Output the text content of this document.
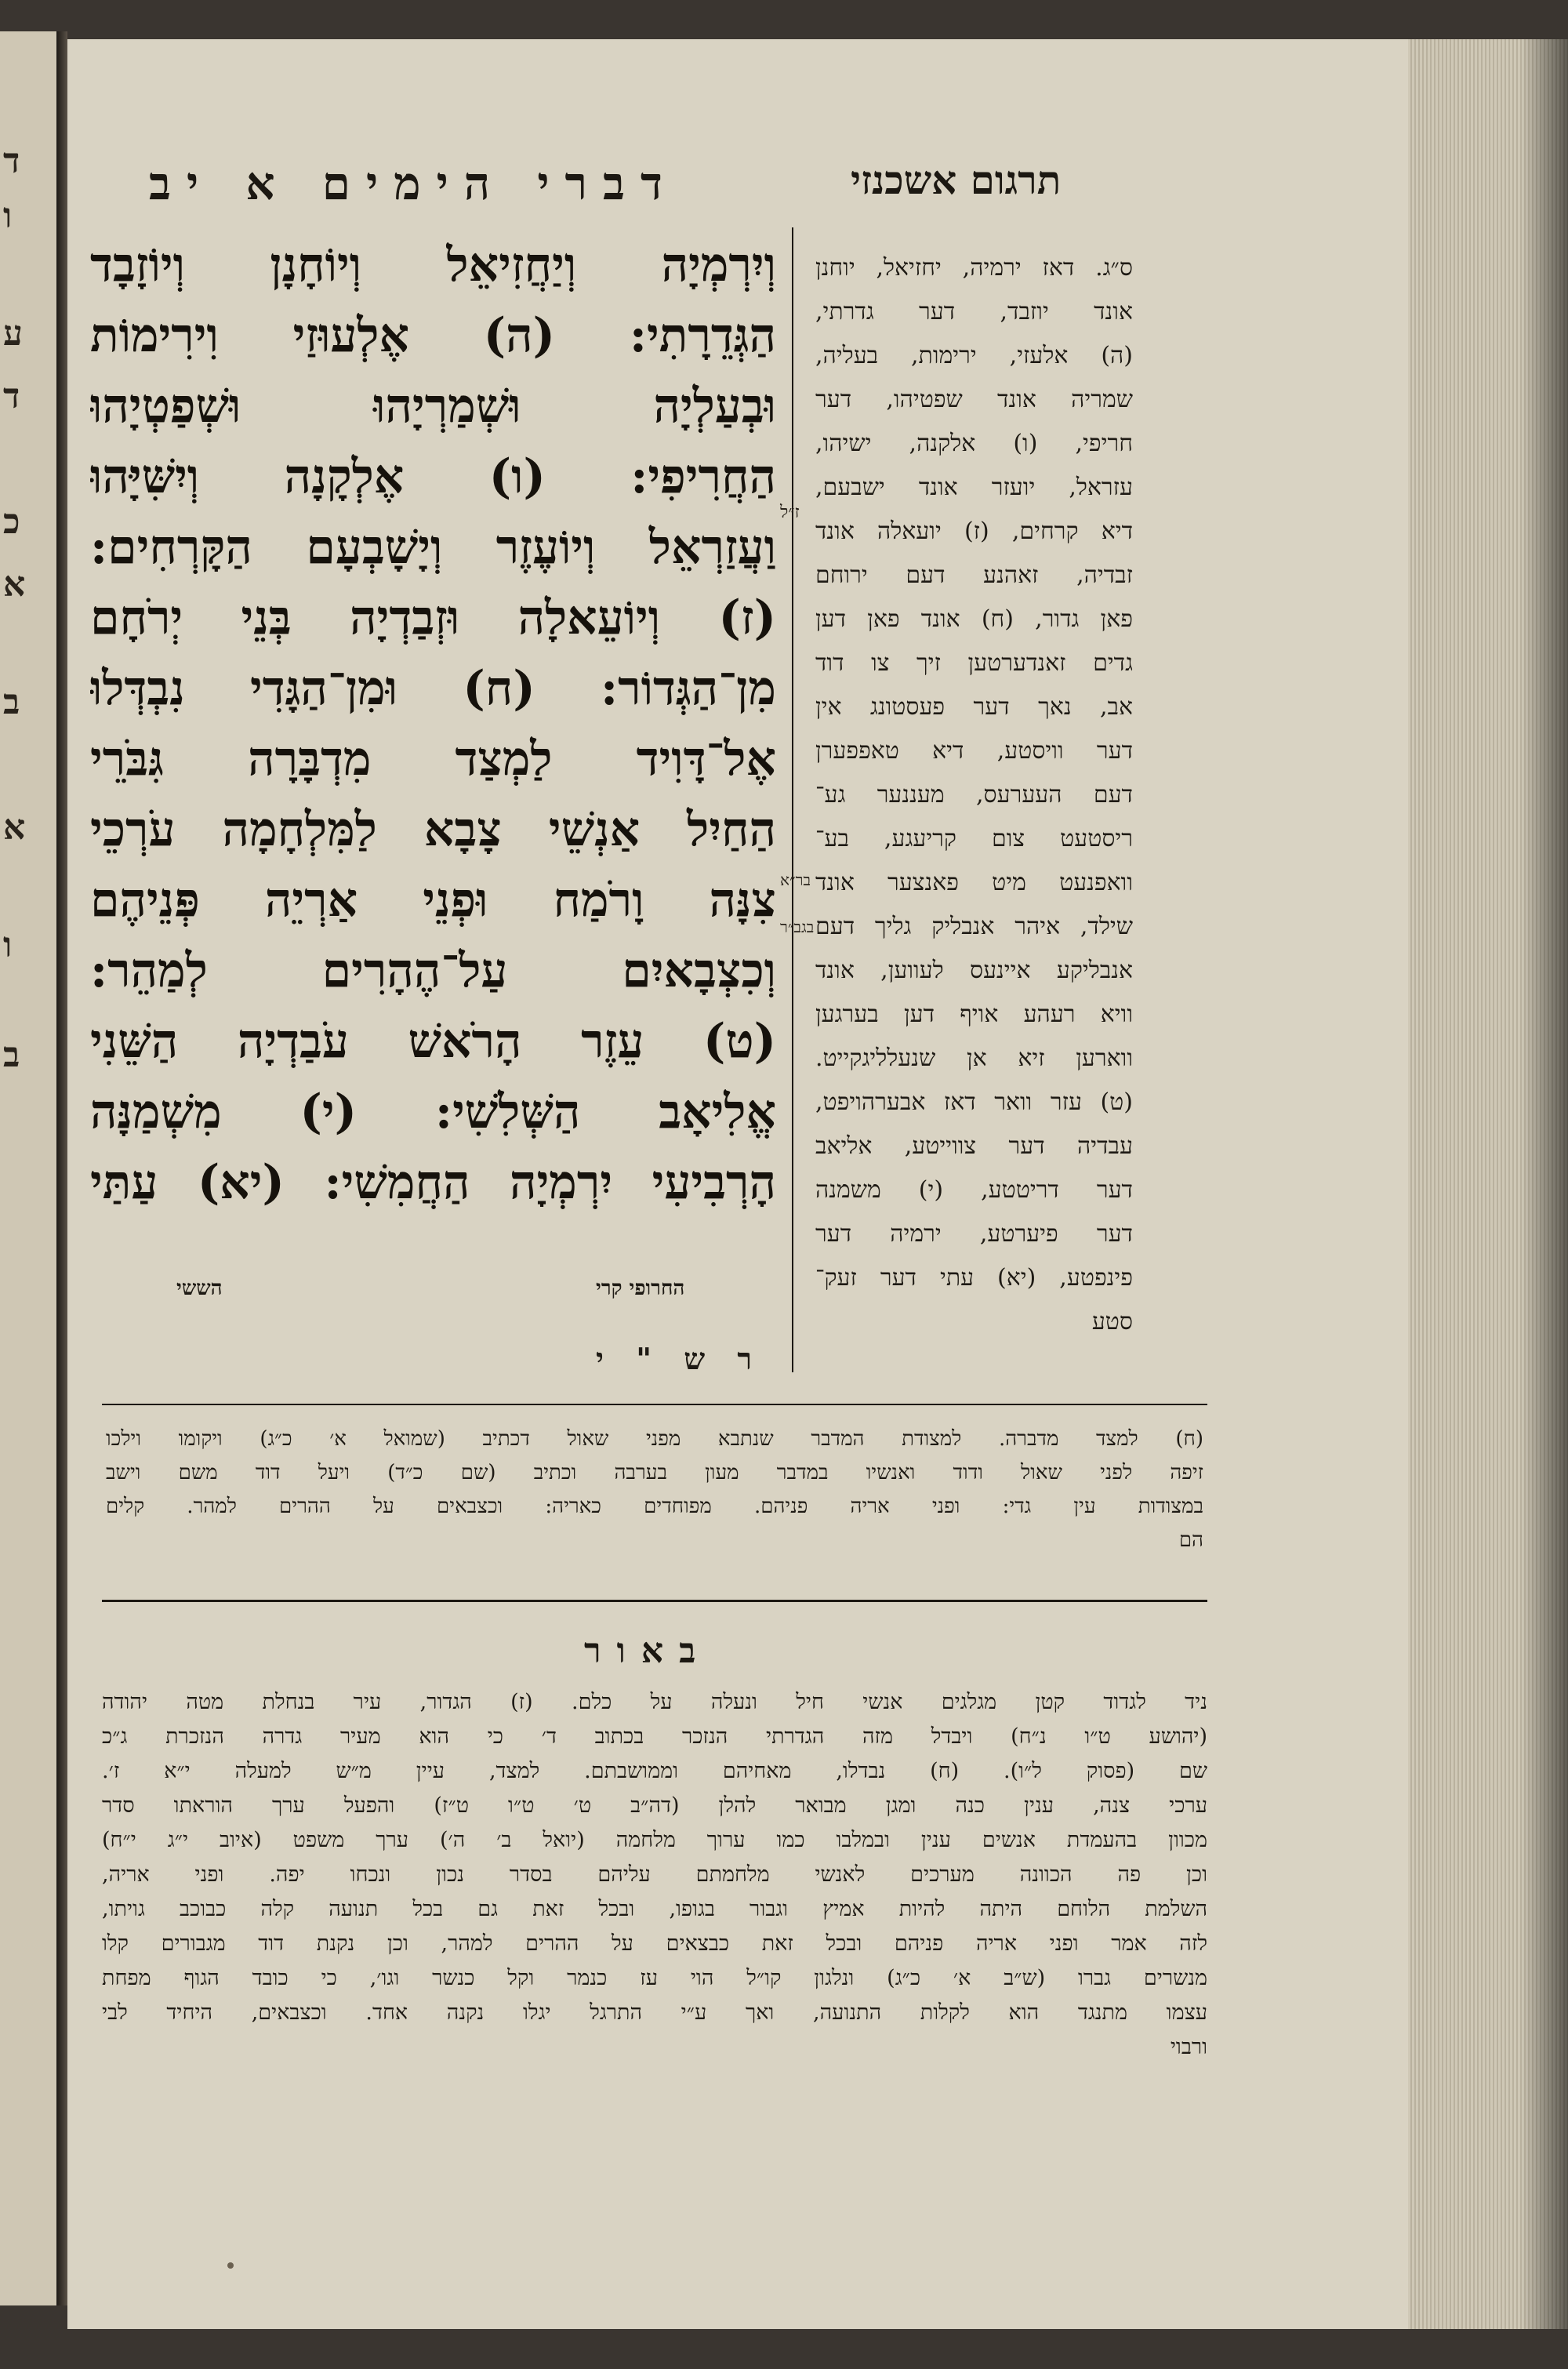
ד
ו
ע
ד
כ
א
ב
א
ו
ב
דברי הימים א יב	תרגום אשכנזי
וְיִרְמְיָה וְיַחֲזִיאֵל וְיוֹחָנָן וְיוֹזָבָד
הַגְּדֵרָתִי: (ה) אֶלְעוּזַי וִירִימוֹת
וּבְעַלְיָה וּשְׁמַרְיָהוּ וּשְׁפַטְיָהוּ
הַחֲרִיפִי: (ו) אֶלְקָנָה וְיִשִּׁיָּהוּ
וַעֲזַרְאֵל וְיוֹעֶזֶר וְיָשָׁבְעָם הַקָּרְחִים:
(ז) וְיוֹעֵאלָה וּזְבַדְיָה בְּנֵי יְרֹחָם
מִן־הַגְּדוֹר: (ח) וּמִן־הַגָּדִי נִבְדְּלוּ
אֶל־דָּוִיד לַמְצַד מִדְבָּרָה גִּבֹּרֵי
הַחַיִל אַנְשֵׁי צָבָא לַמִּלְחָמָה עֹרְכֵי
צִנָּה וָרֹמַח וּפְנֵי אַרְיֵה פְּנֵיהֶם
וְכִצְבָאיִם עַל־הֶהָרִים לְמַהֵר:
(ט) עֵזֶר הָרֹאשׁ עֹבַדְיָה הַשֵּׁנִי
אֱלִיאָב הַשְּׁלִשִׁי: (י) מִשְׁמַנָּה
הָרְבִיעִי יִרְמְיָה הַחֲמִשִׁי: (יא) עַתַּי
ז״ל
בר״א
בגב״ר
הששי	החרופי קרי
ר ש " י
ס״ג. דאז ירמיה, יחזיאל, יוחנן
אונד יוזבד, דער גדרתי,
(ה) אלעזי, ירימות, בעליה,
שמריה אונד שפטיהו, דער
חריפי, (ו) אלקנה, ישיהו,
עזראל, יועזר אונד ישבעם,
דיא קרחים, (ז) יועאלה אונד
זבדיה, זאהנע דעם ירוחם
פאן גדור, (ח) אונד פאן דען
גדים זאנדערטען זיך צו דוד
אב, נאך דער פעסטונג אין
דער וויסטע, דיא טאפפערן
דעם העערעס, מעננער גע־
ריסטעט צום קריעגע, בע־
וואפנעט מיט פאנצער אונד
שילד, איהר אנבליק גליך דעם
אנבליקע איינעס לעווען, אונד
וויא רעהע אויף דען בערגען
ווארען זיא אן שנעלליגקייט.
(ט) עזר וואר דאז אבערהויפט,
עבדיה דער צווייטע, אליאב
דער דריטטע, (י) משמנה
דער פיערטע, ירמיה דער
פינפטע, (יא) עתי דער זעק־
סטע
(ח) למצד מדברה. למצודת המדבר שנתבא מפני שאול דכתיב (שמואל א׳ כ״ג) ויקומו וילכו
זיפה לפני שאול ודוד ואנשיו במדבר מעון בערבה וכתיב (שם כ״ד) ויעל דוד משם וישב
במצודות עין גדי: ופני אריה פניהם. מפוחדים כאריה: וכצבאים על ההרים למהר. קלים
הם
באור
ניד לגדוד קטן מגלגים אנשי חיל ונעלה על כלם. (ז) הגדור, עיר בנחלת מטה יהודה
(יהושע ט״ו נ״ח) ויבדל מזה הגדרתי הנזכר בכתוב ד׳ כי הוא מעיר גדרה הנזכרת ג״כ
שם (פסוק ל״ו). (ח) נבדלו, מאחיהם וממושבתם. למצד, עיין מ״ש למעלה י״א ז׳.
ערכי צנה, ענין כנה ומגן מבואר להלן (דה״ב ט׳ ט״ו ט״ז) והפעל ערך הוראתו סדר
מכוון בהעמדת אנשים ענין ובמלבו כמו ערוך מלחמה (יואל ב׳ ה׳) ערך משפט (איוב י״ג י״ח)
וכן פה הכוונה מערכים לאנשי מלחמתם עליהם בסדר נכון ונכחו יפה. ופני אריה,
השלמת הלוחם היתה להיות אמיץ וגבור בגופו, ובכל זאת גם בכל תנועה קלה כבוכב גויתו,
לזה אמר ופני אריה פניהם ובכל זאת כבצאים על ההרים למהר, וכן נקנת דוד מגבורים קלו
מנשרים גברו (ש״ב א׳ כ״ג) ונלגון קו״ל הוי עז כנמר וקל כנשר וגו׳, כי כובד הגוף מפחת
עצמו מתנגד הוא לקלות התנועה, ואך ע״י התרגל יגלו נקנה אחד. וכצבאים, היחיד לבי
ורבוי
